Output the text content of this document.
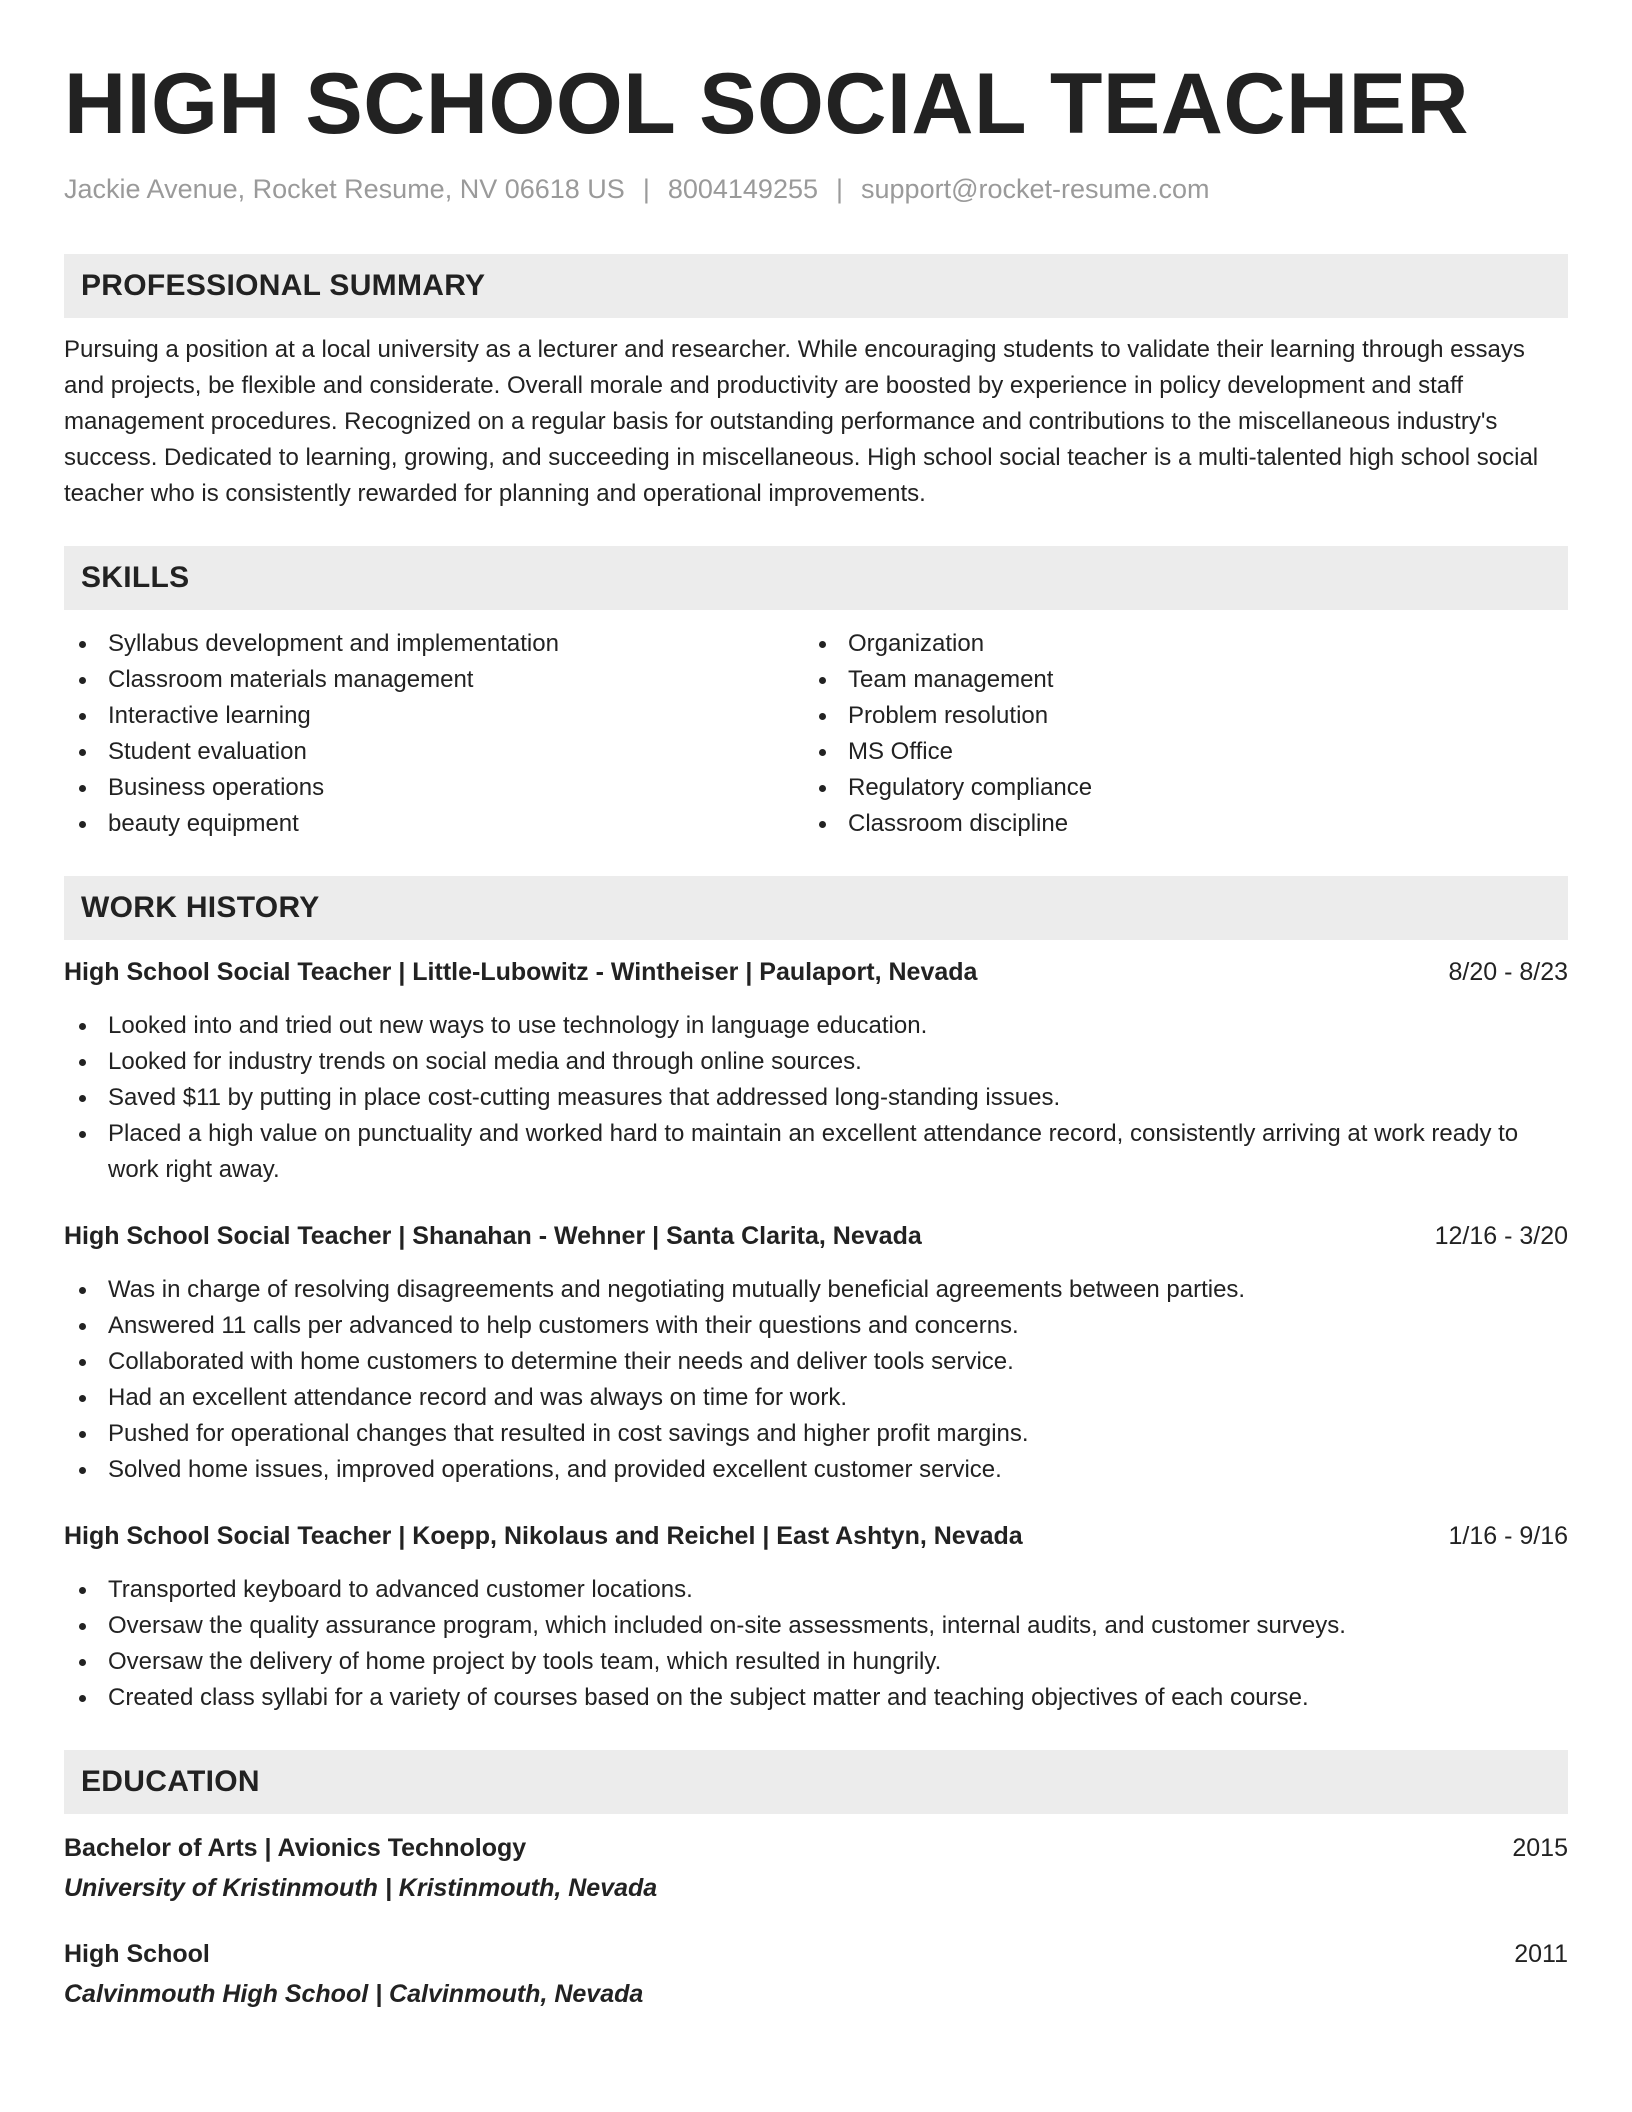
HIGH SCHOOL SOCIAL TEACHER
Jackie Avenue, Rocket Resume, NV 06618 US | 8004149255 | support@rocket-resume.com
PROFESSIONAL SUMMARY

Pursuing a position at a local university as a lecturer and researcher. While encouraging students to validate their learning through essays and projects, be flexible and considerate. Overall morale and productivity are boosted by experience in policy development and staff management procedures. Recognized on a regular basis for outstanding performance and contributions to the miscellaneous industry's success. Dedicated to learning, growing, and succeeding in miscellaneous. High school social teacher is a multi-talented high school social teacher who is consistently rewarded for planning and operational improvements.

SKILLS
Syllabus development and implementation
Classroom materials management
Interactive learning
Student evaluation
Business operations
beauty equipment
Organization
Team management
Problem resolution
MS Office
Regulatory compliance
Classroom discipline
WORK HISTORY
High School Social Teacher | Little-Lubowitz - Wintheiser | Paulaport, Nevada	8/20 - 8/23
Looked into and tried out new ways to use technology in language education.
Looked for industry trends on social media and through online sources.
Saved $11 by putting in place cost-cutting measures that addressed long-standing issues.
Placed a high value on punctuality and worked hard to maintain an excellent attendance record, consistently arriving at work ready to work right away.
High School Social Teacher | Shanahan - Wehner | Santa Clarita, Nevada	12/16 - 3/20
Was in charge of resolving disagreements and negotiating mutually beneficial agreements between parties.
Answered 11 calls per advanced to help customers with their questions and concerns.
Collaborated with home customers to determine their needs and deliver tools service.
Had an excellent attendance record and was always on time for work.
Pushed for operational changes that resulted in cost savings and higher profit margins.
Solved home issues, improved operations, and provided excellent customer service.
High School Social Teacher | Koepp, Nikolaus and Reichel | East Ashtyn, Nevada	1/16 - 9/16
Transported keyboard to advanced customer locations.
Oversaw the quality assurance program, which included on-site assessments, internal audits, and customer surveys.
Oversaw the delivery of home project by tools team, which resulted in hungrily.
Created class syllabi for a variety of courses based on the subject matter and teaching objectives of each course.
EDUCATION
Bachelor of Arts | Avionics Technology	2015
University of Kristinmouth | Kristinmouth, Nevada
High School	2011
Calvinmouth High School | Calvinmouth, Nevada
